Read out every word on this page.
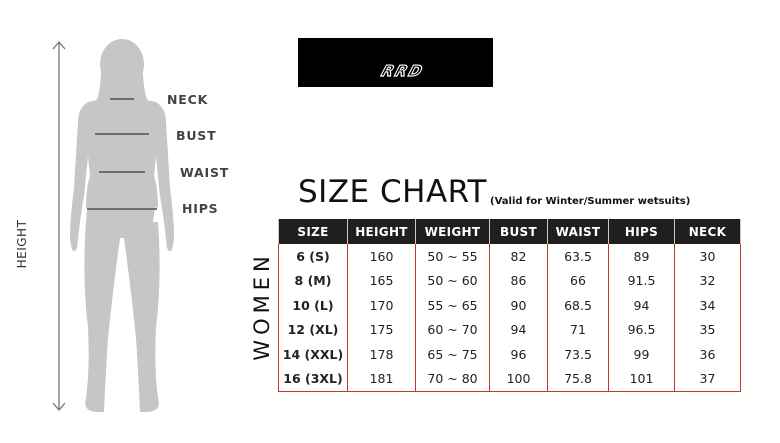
HEIGHT
NECK
BUST
WAIST
HIPS
RRD
SIZE CHART (Valid for Winter/Summer wetsuits)
WOMEN
SIZE	HEIGHT	WEIGHT	BUST	WAIST	HIPS	NECK
6 (S)	160	50 ~ 55	82	63.5	89	30
8 (M)	165	50 ~ 60	86	66	91.5	32
10 (L)	170	55 ~ 65	90	68.5	94	34
12 (XL)	175	60 ~ 70	94	71	96.5	35
14 (XXL)	178	65 ~ 75	96	73.5	99	36
16 (3XL)	181	70 ~ 80	100	75.8	101	37
